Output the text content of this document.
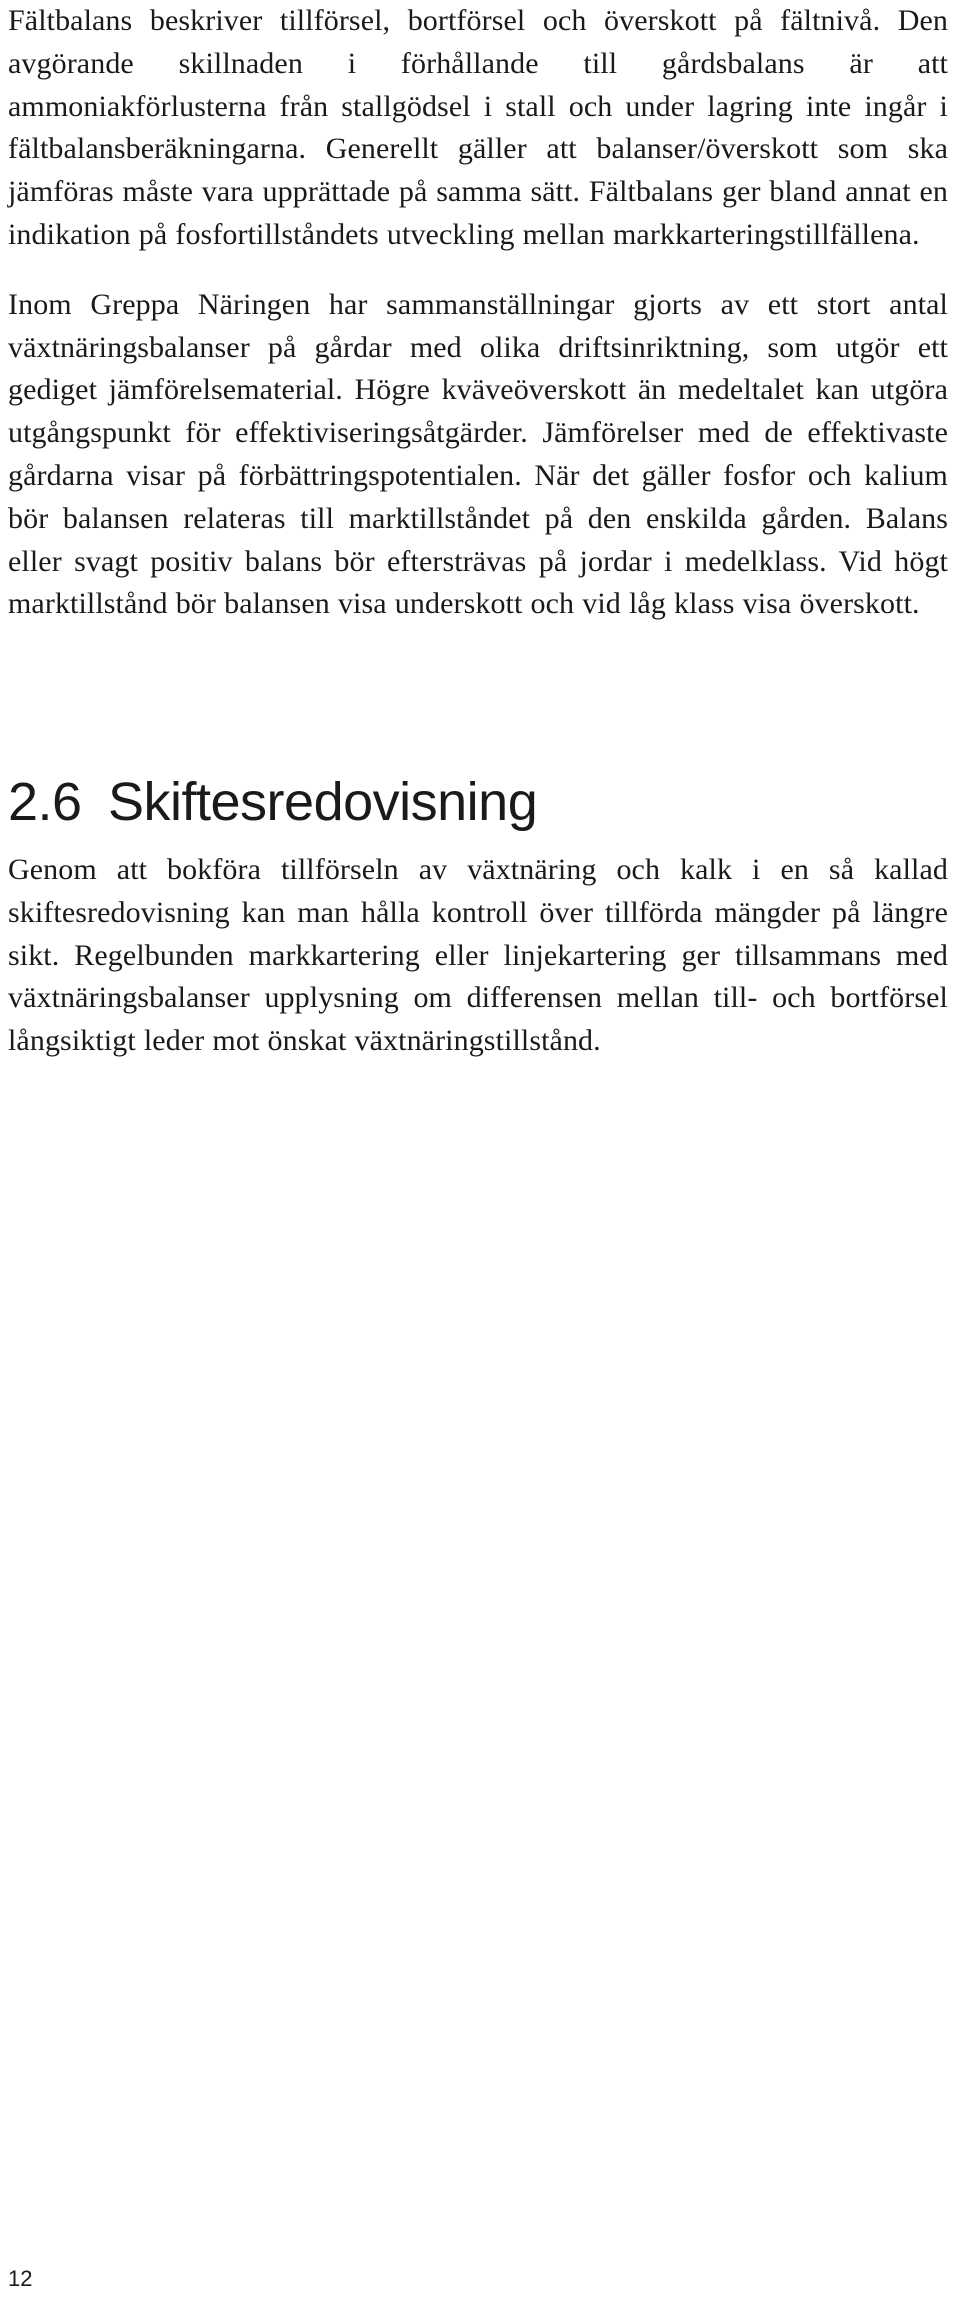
Fältbalans beskriver tillförsel, bortförsel och överskott på fältnivå. Den avgörande skillnaden i förhållande till gårdsbalans är att ammoniakförlusterna från stallgödsel i stall och under lagring inte ingår i fältbalansberäkningarna. Generellt gäller att balanser/överskott som ska jämföras måste vara upprättade på samma sätt. Fältbalans ger bland annat en indikation på fosfortillståndets utveckling mellan markkarteringstillfällena.

Inom Greppa Näringen har sammanställningar gjorts av ett stort antal växtnäringsbalanser på gårdar med olika driftsinriktning, som utgör ett gediget jämförelsematerial. Högre kväveöverskott än medeltalet kan utgöra utgångspunkt för effektiviseringsåtgärder. Jämförelser med de effektivaste gårdarna visar på förbättringspotentialen. När det gäller fosfor och kalium bör balansen relateras till marktillståndet på den enskilda gården. Balans eller svagt positiv balans bör eftersträvas på jordar i medelklass. Vid högt marktillstånd bör balansen visa underskott och vid låg klass visa överskott.

2.6 Skiftesredovisning

Genom att bokföra tillförseln av växtnäring och kalk i en så kallad skiftesredovisning kan man hålla kontroll över tillförda mängder på längre sikt. Regelbunden markkartering eller linjekartering ger tillsammans med växtnäringsbalanser upplysning om differensen mellan till- och bortförsel långsiktigt leder mot önskat växtnäringstillstånd.

12
